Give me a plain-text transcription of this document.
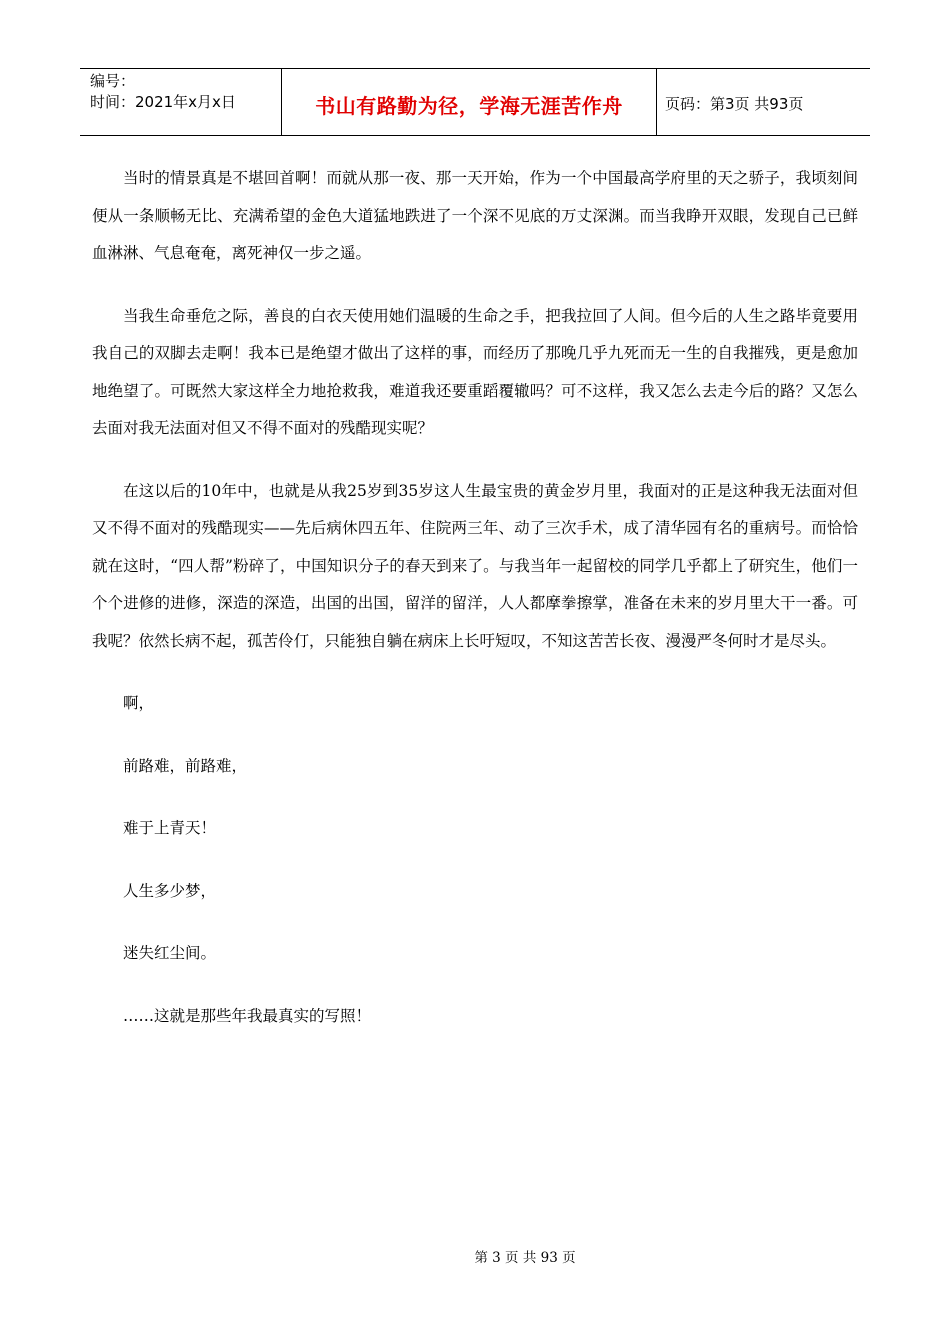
编号：
时间：2021年x月x日	书山有路勤为径，学海无涯苦作舟	页码：第3页 共93页

当时的情景真是不堪回首啊！而就从那一夜、那一天开始，作为一个中国最高学府里的天之骄子，我顷刻间便从一条顺畅无比、充满希望的金色大道猛地跌进了一个深不见底的万丈深渊。而当我睁开双眼，发现自己已鲜血淋淋、气息奄奄，离死神仅一步之遥。

当我生命垂危之际，善良的白衣天使用她们温暖的生命之手，把我拉回了人间。但今后的人生之路毕竟要用我自己的双脚去走啊！我本已是绝望才做出了这样的事，而经历了那晚几乎九死而无一生的自我摧残，更是愈加地绝望了。可既然大家这样全力地抢救我，难道我还要重蹈覆辙吗？可不这样，我又怎么去走今后的路？又怎么去面对我无法面对但又不得不面对的残酷现实呢？

在这以后的10年中，也就是从我25岁到35岁这人生最宝贵的黄金岁月里，我面对的正是这种我无法面对但又不得不面对的残酷现实——先后病休四五年、住院两三年、动了三次手术，成了清华园有名的重病号。而恰恰就在这时，“四人帮”粉碎了，中国知识分子的春天到来了。与我当年一起留校的同学几乎都上了研究生，他们一个个进修的进修，深造的深造，出国的出国，留洋的留洋，人人都摩拳擦掌，准备在未来的岁月里大干一番。可我呢？依然长病不起，孤苦伶仃，只能独自躺在病床上长吁短叹，不知这苦苦长夜、漫漫严冬何时才是尽头。

啊，

前路难，前路难，

难于上青天！

人生多少梦，

迷失红尘间。

……这就是那些年我最真实的写照！

第 3 页 共 93 页
